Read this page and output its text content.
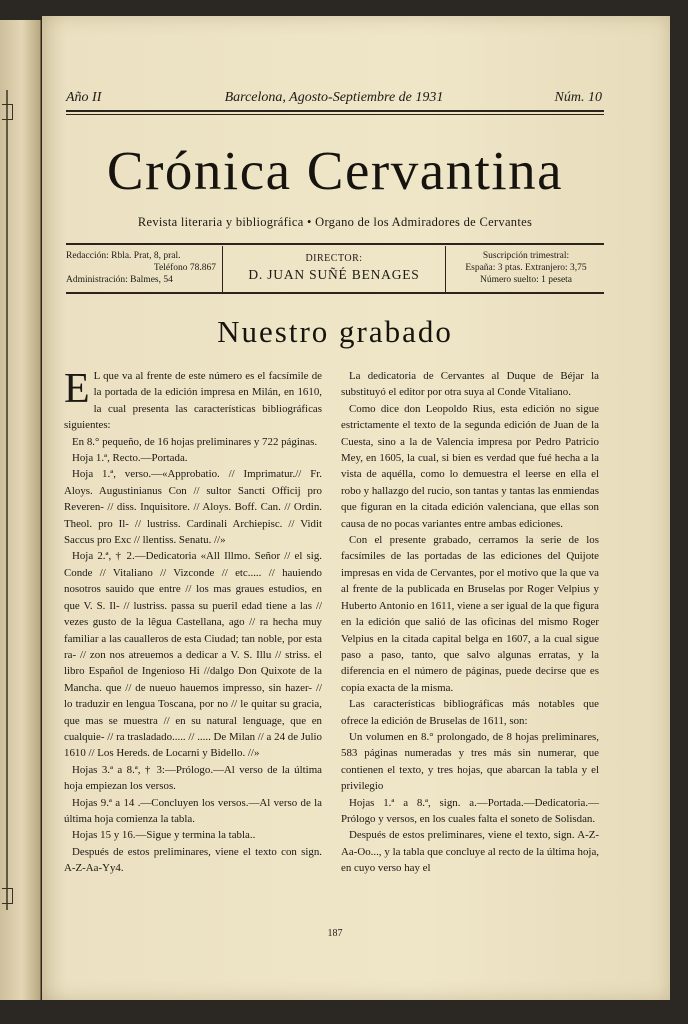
Año II	Barcelona, Agosto-Septiembre de 1931	Núm. 10
Crónica Cervantina
Revista literaria y bibliográfica • Organo de los Admiradores de Cervantes
Redacción: Rbla. Prat, 8, pral.

Teléfono 78.867
Administración: Balmes, 54
DIRECTOR:
D. JUAN SUÑÉ BENAGES
Suscripción trimestral:
España: 3 ptas. Extranjero: 3,75
Número suelto: 1 peseta
Nuestro grabado

E L que va al frente de este número es el facsímile de la portada de la edición impresa en Milán, en 1610, la cual presenta las características bibliográficas siguientes:

En 8.° pequeño, de 16 hojas preliminares y 722 páginas.

Hoja 1.ª, Recto.—Portada.

Hoja 1.ª, verso.—«Approbatio. // Imprimatur.// Fr. Aloys. Augustinianus Con // sultor Sancti Officij pro Reveren- // diss. Inquisitore. // Aloys. Boff. Can. // Ordin. Theol. pro Il- // lustriss. Cardinali Archiepisc. // Vidit Saccus pro Exc // llentiss. Senatu. //»

Hoja 2.ª, † 2.—Dedicatoria «All Illmo. Señor // el sig. Conde // Vitaliano // Vizconde // etc..... // hauiendo nosotros sauido que entre // los mas graues estudios, en que V. S. Il- // lustriss. passa su pueril edad tiene a las // vezes gusto de la lêgua Castellana, ago // ra hecha muy familiar a las caualleros de esta Ciudad; tan noble, por esta ra- // zon nos atreuemos a dedicar a V. S. Illu // striss. el libro Español de Ingenioso Hi //dalgo Don Quixote de la Mancha. que // de nueuo hauemos impresso, sin hazer- // lo traduzir en lengua Toscana, por no // le quitar su gracia, que mas se muestra // en su natural lenguage, que en cualquie- // ra trasladado..... // ..... De Milan // a 24 de Julio 1610 // Los Hereds. de Locarni y Bidello. //»

Hojas 3.ª a 8.ª, † 3:—Prólogo.—Al verso de la última hoja empiezan los versos.

Hojas 9.ª a 14 .—Concluyen los versos.—Al verso de la última hoja comienza la tabla.

Hojas 15 y 16.—Sigue y termina la tabla..

Después de estos preliminares, viene el texto con sign. A-Z-Aa-Yy4.

La dedicatoria de Cervantes al Duque de Béjar la substituyó el editor por otra suya al Conde Vitaliano.

Como dice don Leopoldo Rius, esta edición no sigue estrictamente el texto de la segunda edición de Juan de la Cuesta, sino a la de Valencia impresa por Pedro Patricio Mey, en 1605, la cual, si bien es verdad que fué hecha a la vista de aquélla, como lo demuestra el leerse en ella el robo y hallazgo del rucio, son tantas y tantas las enmiendas que figuran en la citada edición valenciana, que ellas son causa de no pocas variantes entre ambas ediciones.

Con el presente grabado, cerramos la serie de los facsímiles de las portadas de las ediciones del Quijote impresas en vida de Cervantes, por el motivo que la que va al frente de la publicada en Bruselas por Roger Velpius y Huberto Antonio en 1611, viene a ser igual de la que figura en la edición que salió de las oficinas del mismo Roger Velpius en la citada capital belga en 1607, a la cual sigue paso a paso, tanto, que salvo algunas erratas, y la diferencia en el número de páginas, puede decirse que es copia exacta de la misma.

Las características bibliográficas más notables que ofrece la edición de Bruselas de 1611, son:

Un volumen en 8.° prolongado, de 8 hojas preliminares, 583 páginas numeradas y tres más sin numerar, que contienen el texto, y tres hojas, que abarcan la tabla y el privilegio

Hojas 1.ª a 8.ª, sign. a.—Portada.—Dedicatoria.—Prólogo y versos, en los cuales falta el soneto de Solisdan.

Después de estos preliminares, viene el texto, sign. A-Z-Aa-Oo..., y la tabla que concluye al recto de la última hoja, en cuyo verso hay el

187
